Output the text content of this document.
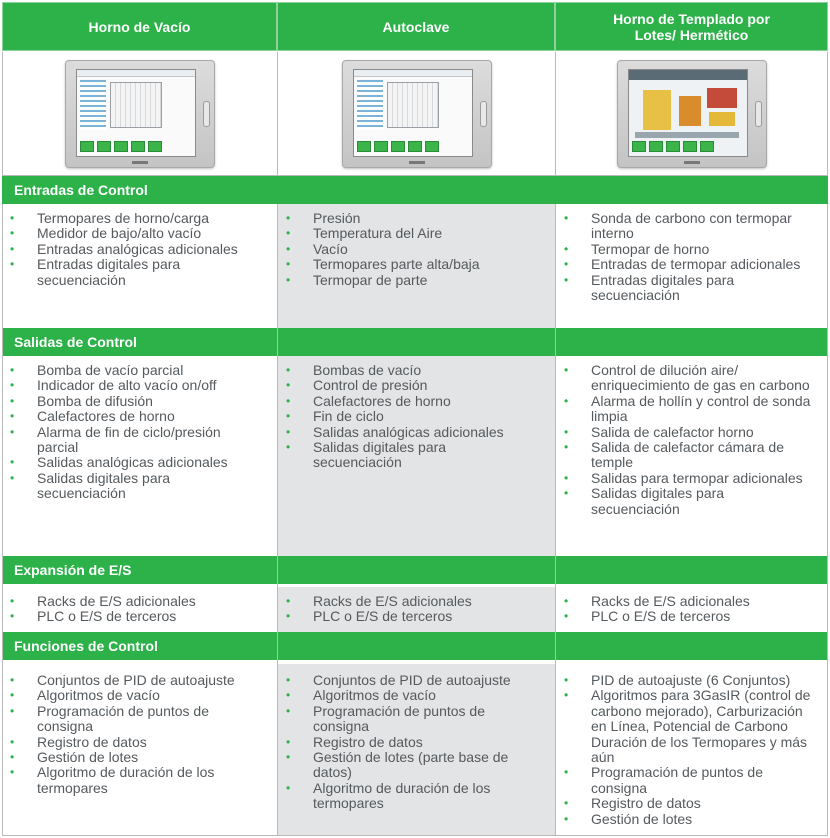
Horno de Vacío	Autoclave	Horno de Templado por Lotes/ Hermético
Entradas de Control
• Termopares de horno/carga
• Medidor de bajo/alto vacío
• Entradas analógicas adicionales
• Entradas digitales para secuenciación
• Presión
• Temperatura del Aire
• Vacío
• Termopares parte alta/baja
• Termopar de parte
• Sonda de carbono con termopar interno
• Termopar de horno
• Entradas de termopar adicionales
• Entradas digitales para secuenciación
Salidas de Control
• Bomba de vacío parcial
• Indicador de alto vacío on/off
• Bomba de difusión
• Calefactores de horno
• Alarma de fin de ciclo/presión parcial
• Salidas analógicas adicionales
• Salidas digitales para secuenciación
• Bombas de vacío
• Control de presión
• Calefactores de horno
• Fin de ciclo
• Salidas analógicas adicionales
• Salidas digitales para secuenciación
• Control de dilución aire/ enriquecimiento de gas en carbono
• Alarma de hollín y control de sonda limpia
• Salida de calefactor horno
• Salida de calefactor cámara de temple
• Salidas para termopar adicionales
• Salidas digitales para secuenciación
Expansión de E/S
• Racks de E/S adicionales
• PLC o E/S de terceros
• Racks de E/S adicionales
• PLC o E/S de terceros
• Racks de E/S adicionales
• PLC o E/S de terceros
Funciones de Control
• Conjuntos de PID de autoajuste
• Algoritmos de vacío
• Programación de puntos de consigna
• Registro de datos
• Gestión de lotes
• Algoritmo de duración de los termopares
• Conjuntos de PID de autoajuste
• Algoritmos de vacío
• Programación de puntos de consigna
• Registro de datos
• Gestión de lotes (parte base de datos)
• Algoritmo de duración de los termopares
• PID de autoajuste (6 Conjuntos)
• Algoritmos para 3GasIR (control de carbono mejorado), Carburización en Línea, Potencial de Carbono Duración de los Termopares y más aún
• Programación de puntos de consigna
• Registro de datos
• Gestión de lotes
